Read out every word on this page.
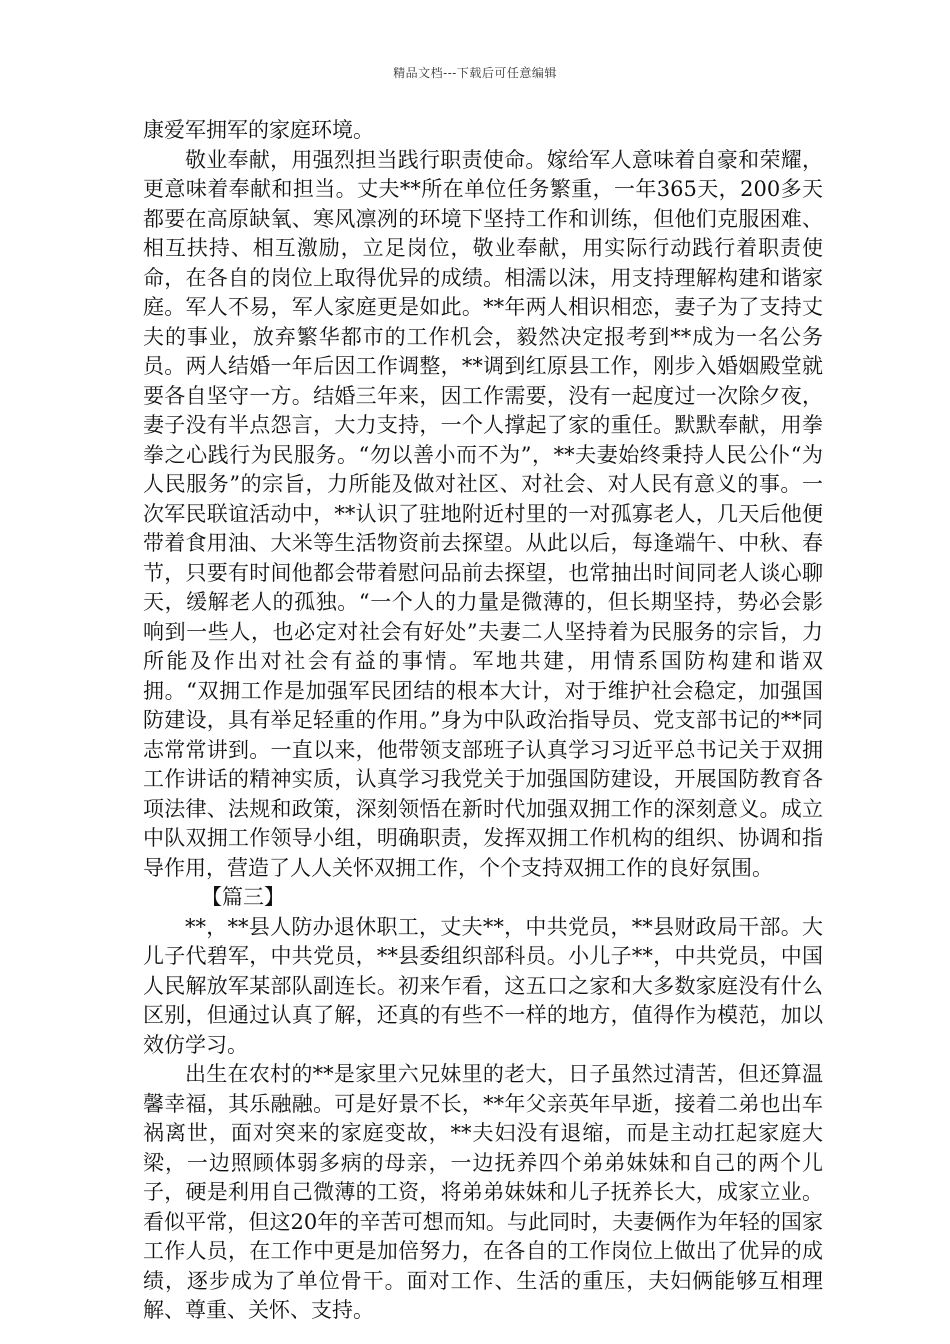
精品文档---下载后可任意编辑

康爱军拥军的家庭环境。

敬业奉献，用强烈担当践行职责使命。嫁给军人意味着自豪和荣耀，更意味着奉献和担当。丈夫**所在单位任务繁重，一年365天，200多天都要在高原缺氧、寒风凛冽的环境下坚持工作和训练，但他们克服困难、相互扶持、相互激励，立足岗位，敬业奉献，用实际行动践行着职责使命，在各自的岗位上取得优异的成绩。相濡以沫，用支持理解构建和谐家庭。军人不易，军人家庭更是如此。**年两人相识相恋，妻子为了支持丈夫的事业，放弃繁华都市的工作机会，毅然决定报考到**成为一名公务员。两人结婚一年后因工作调整，**调到红原县工作，刚步入婚姻殿堂就要各自坚守一方。结婚三年来，因工作需要，没有一起度过一次除夕夜，妻子没有半点怨言，大力支持，一个人撑起了家的重任。默默奉献，用拳拳之心践行为民服务。“勿以善小而不为”，**夫妻始终秉持人民公仆“为人民服务”的宗旨，力所能及做对社区、对社会、对人民有意义的事。一次军民联谊活动中，**认识了驻地附近村里的一对孤寡老人，几天后他便带着食用油、大米等生活物资前去探望。从此以后，每逢端午、中秋、春节，只要有时间他都会带着慰问品前去探望，也常抽出时间同老人谈心聊天，缓解老人的孤独。“一个人的力量是微薄的，但长期坚持，势必会影响到一些人，也必定对社会有好处”夫妻二人坚持着为民服务的宗旨，力所能及作出对社会有益的事情。军地共建，用情系国防构建和谐双拥。“双拥工作是加强军民团结的根本大计，对于维护社会稳定，加强国防建设，具有举足轻重的作用。”身为中队政治指导员、党支部书记的**同志常常讲到。一直以来，他带领支部班子认真学习习近平总书记关于双拥工作讲话的精神实质，认真学习我党关于加强国防建设，开展国防教育各项法律、法规和政策，深刻领悟在新时代加强双拥工作的深刻意义。成立中队双拥工作领导小组，明确职责，发挥双拥工作机构的组织、协调和指导作用，营造了人人关怀双拥工作，个个支持双拥工作的良好氛围。

【篇三】

**，**县人防办退休职工，丈夫**，中共党员，**县财政局干部。大儿子代碧军，中共党员，**县委组织部科员。小儿子**，中共党员，中国人民解放军某部队副连长。初来乍看，这五口之家和大多数家庭没有什么区别，但通过认真了解，还真的有些不一样的地方，值得作为模范，加以效仿学习。

出生在农村的**是家里六兄妹里的老大，日子虽然过清苦，但还算温馨幸福，其乐融融。可是好景不长，**年父亲英年早逝，接着二弟也出车祸离世，面对突来的家庭变故，**夫妇没有退缩，而是主动扛起家庭大梁，一边照顾体弱多病的母亲，一边抚养四个弟弟妹妹和自己的两个儿子，硬是利用自己微薄的工资，将弟弟妹妹和儿子抚养长大，成家立业。看似平常，但这20年的辛苦可想而知。与此同时，夫妻俩作为年轻的国家工作人员，在工作中更是加倍努力，在各自的工作岗位上做出了优异的成绩，逐步成为了单位骨干。面对工作、生活的重压，夫妇俩能够互相理解、尊重、关怀、支持。
